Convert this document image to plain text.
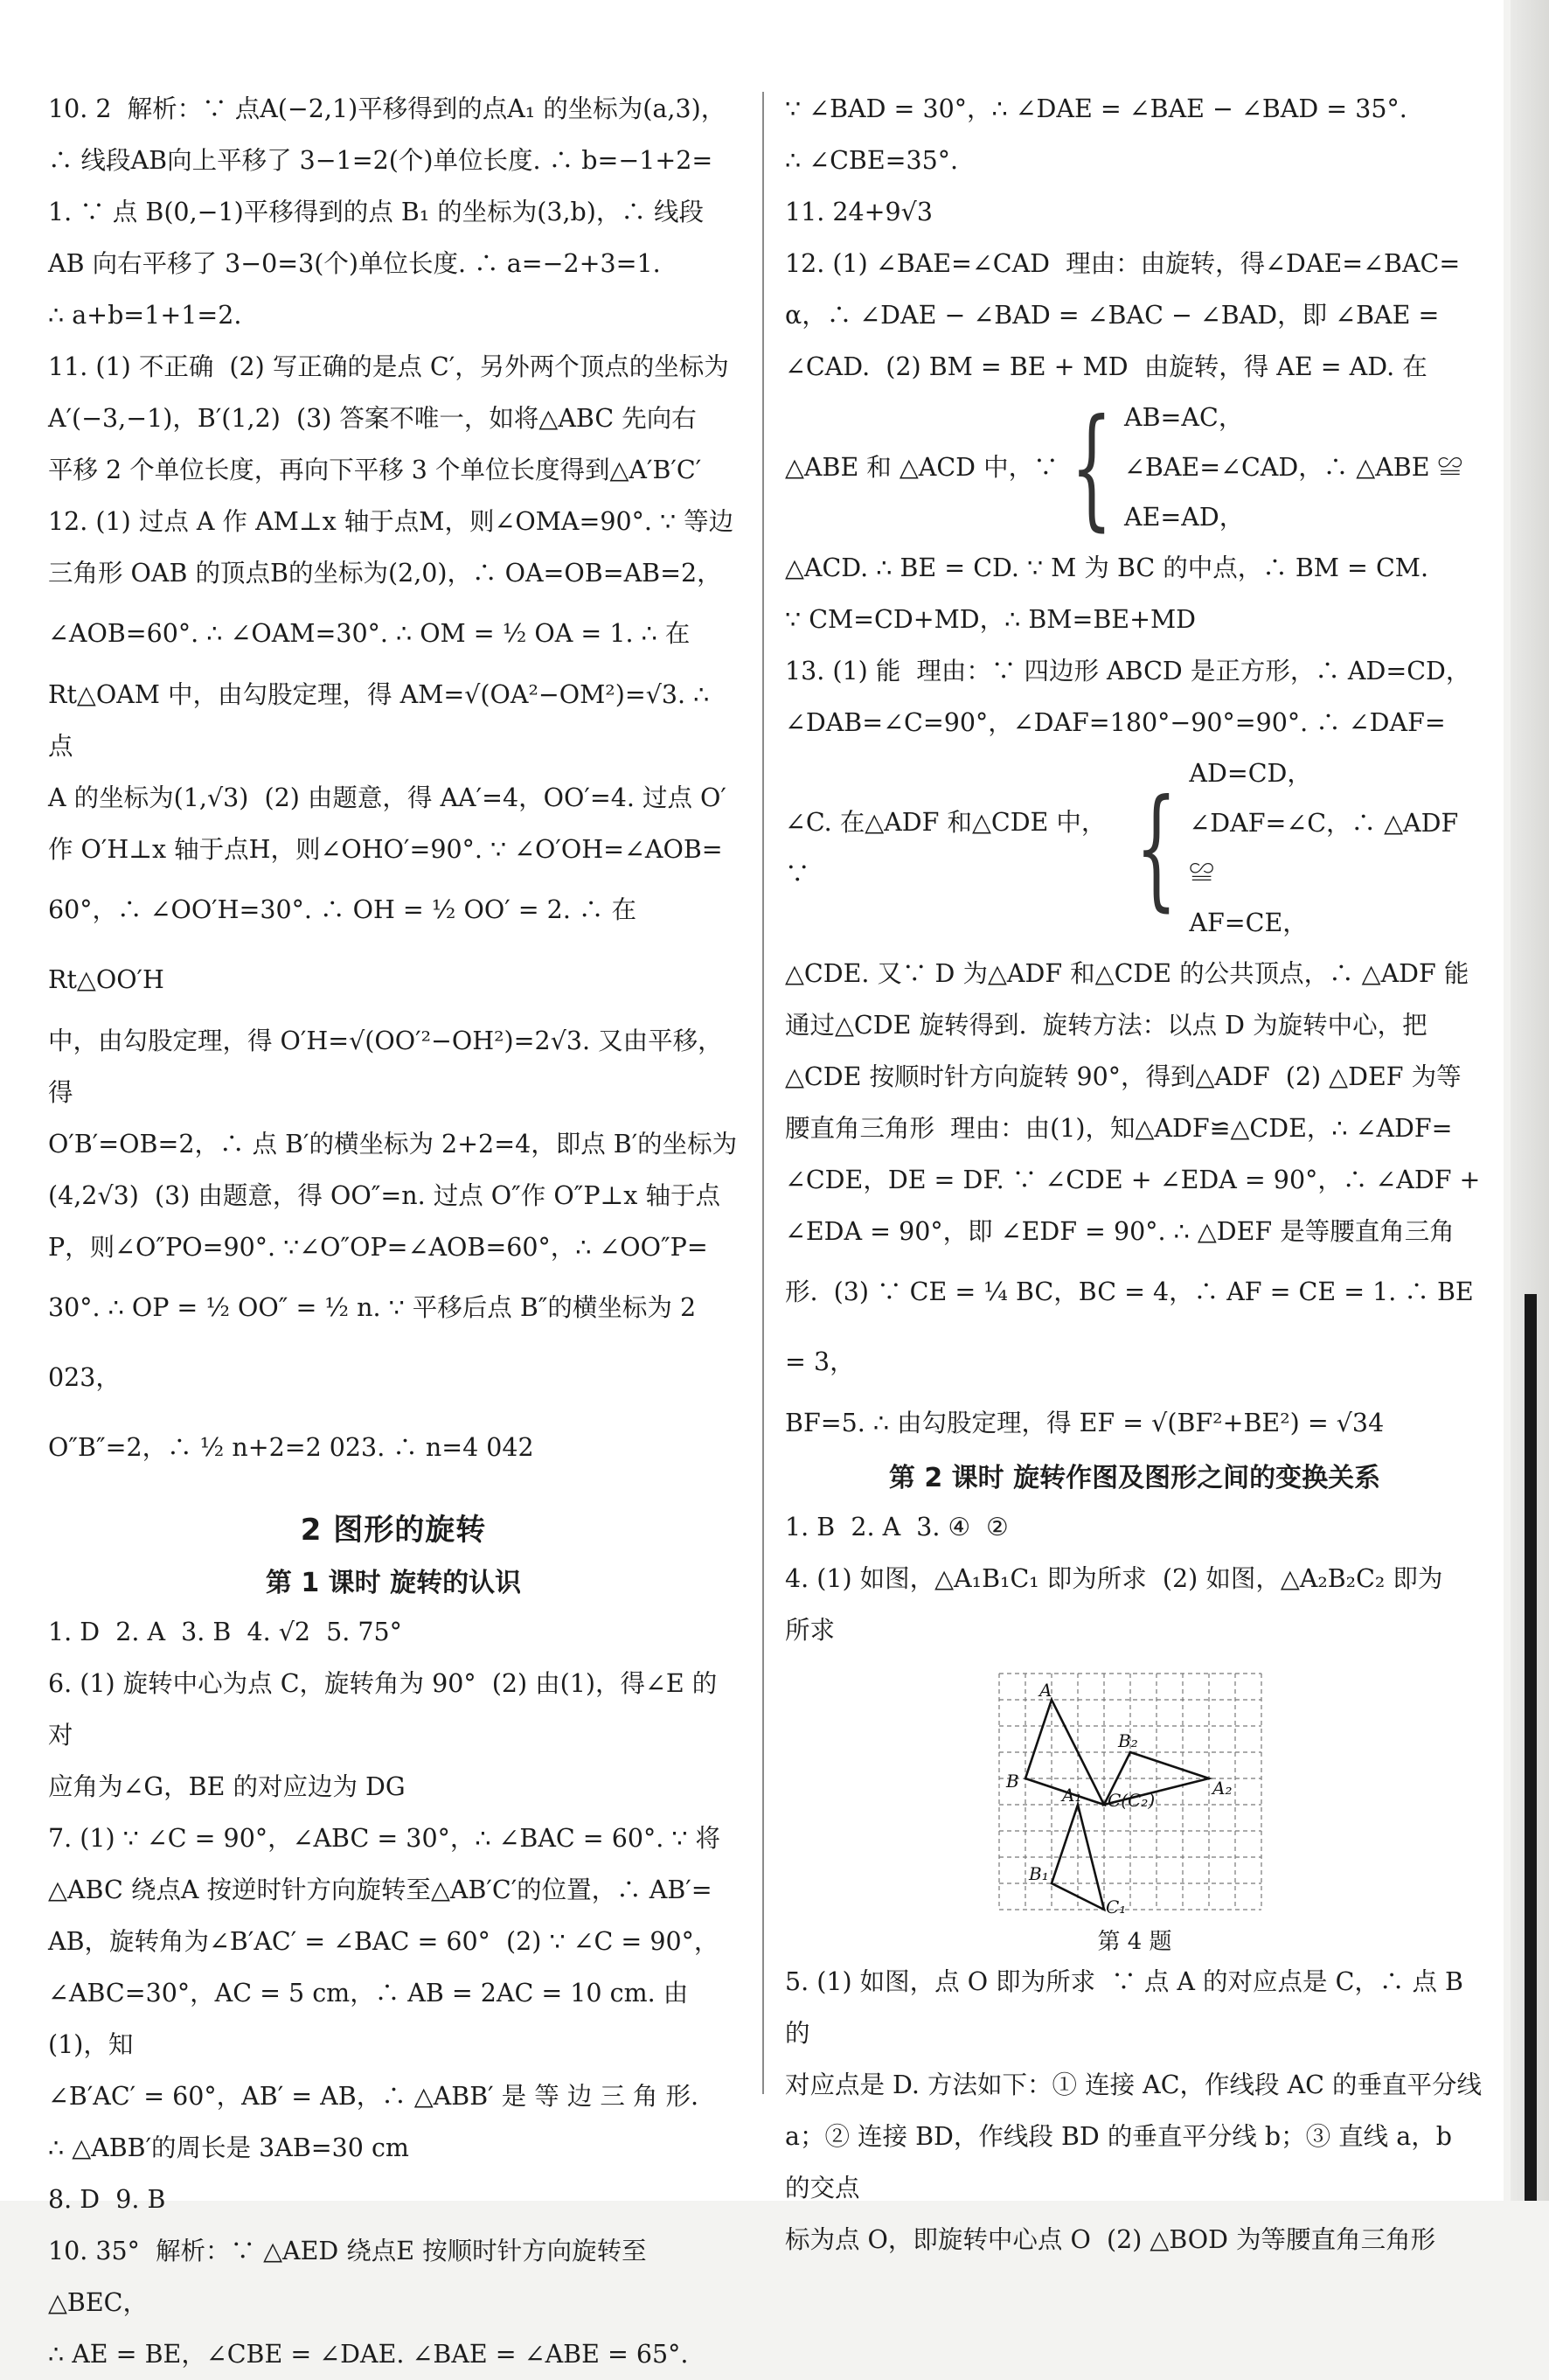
10. 2  解析：∵ 点A(−2,1)平移得到的点A₁ 的坐标为(a,3)，

∴ 线段AB向上平移了 3−1=2(个)单位长度. ∴ b=−1+2=

1. ∵ 点 B(0,−1)平移得到的点 B₁ 的坐标为(3,b)，∴ 线段

AB 向右平移了 3−0=3(个)单位长度. ∴ a=−2+3=1.

∴ a+b=1+1=2.

11. (1) 不正确  (2) 写正确的是点 C′，另外两个顶点的坐标为

A′(−3,−1)，B′(1,2)  (3) 答案不唯一，如将△ABC 先向右

平移 2 个单位长度，再向下平移 3 个单位长度得到△A′B′C′

12. (1) 过点 A 作 AM⊥x 轴于点M，则∠OMA=90°. ∵ 等边

三角形 OAB 的顶点B的坐标为(2,0)，∴ OA=OB=AB=2，

∠AOB=60°. ∴ ∠OAM=30°. ∴ OM = ½ OA = 1. ∴ 在

Rt△OAM 中，由勾股定理，得 AM=√(OA²−OM²)=√3. ∴ 点

A 的坐标为(1,√3)  (2) 由题意，得 AA′=4，OO′=4. 过点 O′

作 O′H⊥x 轴于点H，则∠OHO′=90°. ∵ ∠O′OH=∠AOB=

60°，∴ ∠OO′H=30°. ∴ OH = ½ OO′ = 2. ∴ 在 Rt△OO′H

中，由勾股定理，得 O′H=√(OO′²−OH²)=2√3. 又由平移，得

O′B′=OB=2，∴ 点 B′的横坐标为 2+2=4，即点 B′的坐标为

(4,2√3)  (3) 由题意，得 OO″=n. 过点 O″作 O″P⊥x 轴于点

P，则∠O″PO=90°. ∵∠O″OP=∠AOB=60°，∴ ∠OO″P=

30°. ∴ OP = ½ OO″ = ½ n. ∵ 平移后点 B″的横坐标为 2 023，

O″B″=2，∴ ½ n+2=2 023. ∴ n=4 042

2 图形的旋转
第 1 课时 旋转的认识

1. D  2. A  3. B  4. √2  5. 75°

6. (1) 旋转中心为点 C，旋转角为 90°  (2) 由(1)，得∠E 的对

应角为∠G，BE 的对应边为 DG

7. (1) ∵ ∠C = 90°，∠ABC = 30°，∴ ∠BAC = 60°. ∵ 将

△ABC 绕点A 按逆时针方向旋转至△AB′C′的位置，∴ AB′=

AB，旋转角为∠B′AC′ = ∠BAC = 60°  (2) ∵ ∠C = 90°，

∠ABC=30°，AC = 5 cm，∴ AB = 2AC = 10 cm. 由(1)，知

∠B′AC′ = 60°，AB′ = AB，∴ △ABB′ 是 等 边 三 角 形.

∴ △ABB′的周长是 3AB=30 cm

8. D  9. B

10. 35°  解析：∵ △AED 绕点E 按顺时针方向旋转至△BEC，

∴ AE = BE，∠CBE = ∠DAE. ∠BAE = ∠ABE = 65°.

∵ ∠BAD = 30°，∴ ∠DAE = ∠BAE − ∠BAD = 35°.

∴ ∠CBE=35°.

11. 24+9√3

12. (1) ∠BAE=∠CAD  理由：由旋转，得∠DAE=∠BAC=

α，∴ ∠DAE − ∠BAD = ∠BAC − ∠BAD，即 ∠BAE =

∠CAD.  (2) BM = BE + MD  由旋转，得 AE = AD. 在

△ABE 和 △ACD 中，∵ { AB=AC，
∠BAE=∠CAD，∴ △ABE ≌
AE=AD，

△ACD. ∴ BE = CD. ∵ M 为 BC 的中点，∴ BM = CM.

∵ CM=CD+MD，∴ BM=BE+MD

13. (1) 能  理由：∵ 四边形 ABCD 是正方形，∴ AD=CD，

∠DAB=∠C=90°，∠DAF=180°−90°=90°. ∴ ∠DAF=

∠C. 在△ADF 和△CDE 中，∵	{ AD=CD，
∠DAF=∠C，∴ △ADF ≌
AF=CE，

△CDE. 又∵ D 为△ADF 和△CDE 的公共顶点，∴ △ADF 能

通过△CDE 旋转得到.  旋转方法：以点 D 为旋转中心，把

△CDE 按顺时针方向旋转 90°，得到△ADF  (2) △DEF 为等

腰直角三角形  理由：由(1)，知△ADF≌△CDE，∴ ∠ADF=

∠CDE，DE = DF. ∵ ∠CDE + ∠EDA = 90°，∴ ∠ADF +

∠EDA = 90°，即 ∠EDF = 90°. ∴ △DEF 是等腰直角三角

形.  (3) ∵ CE = ¼ BC，BC = 4，∴ AF = CE = 1. ∴ BE = 3，

BF=5. ∴ 由勾股定理，得 EF = √(BF²+BE²) = √34

第 2 课时 旋转作图及图形之间的变换关系

1. B  2. A  3. ④  ②

4. (1) 如图，△A₁B₁C₁ 即为所求  (2) 如图，△A₂B₂C₂ 即为

所求

A
B
C(C₂)
A₁
B₁
C₁
A₂
B₂
第 4 题

5. (1) 如图，点 O 即为所求  ∵ 点 A 的对应点是 C，∴ 点 B 的

对应点是 D. 方法如下：① 连接 AC，作线段 AC 的垂直平分线

a；② 连接 BD，作线段 BD 的垂直平分线 b；③ 直线 a，b 的交点

标为点 O，即旋转中心点 O  (2) △BOD 为等腰直角三角形
